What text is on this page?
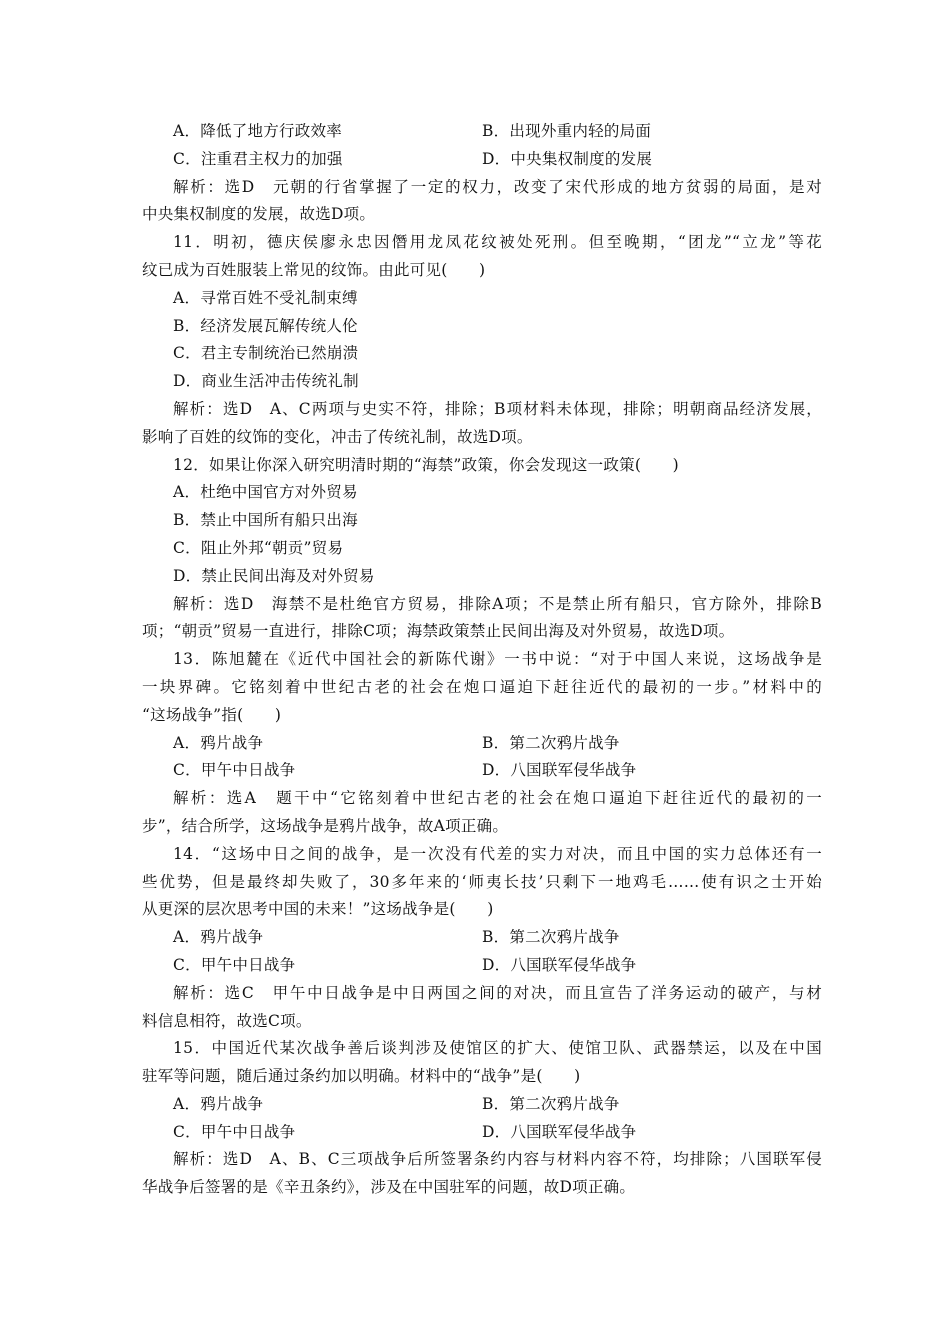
A．降低了地方行政效率	B．出现外重内轻的局面
C．注重君主权力的加强	D．中央集权制度的发展
解析：选D　元朝的行省掌握了一定的权力，改变了宋代形成的地方贫弱的局面，是对
中央集权制度的发展，故选D项。
11．明初，德庆侯廖永忠因僭用龙凤花纹被处死刑。但至晚期，“团龙”“立龙”等花
纹已成为百姓服装上常见的纹饰。由此可见(　　)
A．寻常百姓不受礼制束缚
B．经济发展瓦解传统人伦
C．君主专制统治已然崩溃
D．商业生活冲击传统礼制
解析：选D　A、C两项与史实不符，排除；B项材料未体现，排除；明朝商品经济发展，
影响了百姓的纹饰的变化，冲击了传统礼制，故选D项。
12．如果让你深入研究明清时期的“海禁”政策，你会发现这一政策(　　)
A．杜绝中国官方对外贸易
B．禁止中国所有船只出海
C．阻止外邦“朝贡”贸易
D．禁止民间出海及对外贸易
解析：选D　海禁不是杜绝官方贸易，排除A项；不是禁止所有船只，官方除外，排除B
项；“朝贡”贸易一直进行，排除C项；海禁政策禁止民间出海及对外贸易，故选D项。
13．陈旭麓在《近代中国社会的新陈代谢》一书中说：“对于中国人来说，这场战争是
一块界碑。它铭刻着中世纪古老的社会在炮口逼迫下赶往近代的最初的一步。”材料中的
“这场战争”指(　　)
A．鸦片战争	B．第二次鸦片战争
C．甲午中日战争	D．八国联军侵华战争
解析：选A　题干中“它铭刻着中世纪古老的社会在炮口逼迫下赶往近代的最初的一
步”，结合所学，这场战争是鸦片战争，故A项正确。
14．“这场中日之间的战争，是一次没有代差的实力对决，而且中国的实力总体还有一
些优势，但是最终却失败了，30多年来的‘师夷长技’只剩下一地鸡毛……使有识之士开始
从更深的层次思考中国的未来！”这场战争是(　　)
A．鸦片战争	B．第二次鸦片战争
C．甲午中日战争	D．八国联军侵华战争
解析：选C　甲午中日战争是中日两国之间的对决，而且宣告了洋务运动的破产，与材
料信息相符，故选C项。
15．中国近代某次战争善后谈判涉及使馆区的扩大、使馆卫队、武器禁运，以及在中国
驻军等问题，随后通过条约加以明确。材料中的“战争”是(　　)
A．鸦片战争	B．第二次鸦片战争
C．甲午中日战争	D．八国联军侵华战争
解析：选D　A、B、C三项战争后所签署条约内容与材料内容不符，均排除；八国联军侵
华战争后签署的是《辛丑条约》，涉及在中国驻军的问题，故D项正确。
